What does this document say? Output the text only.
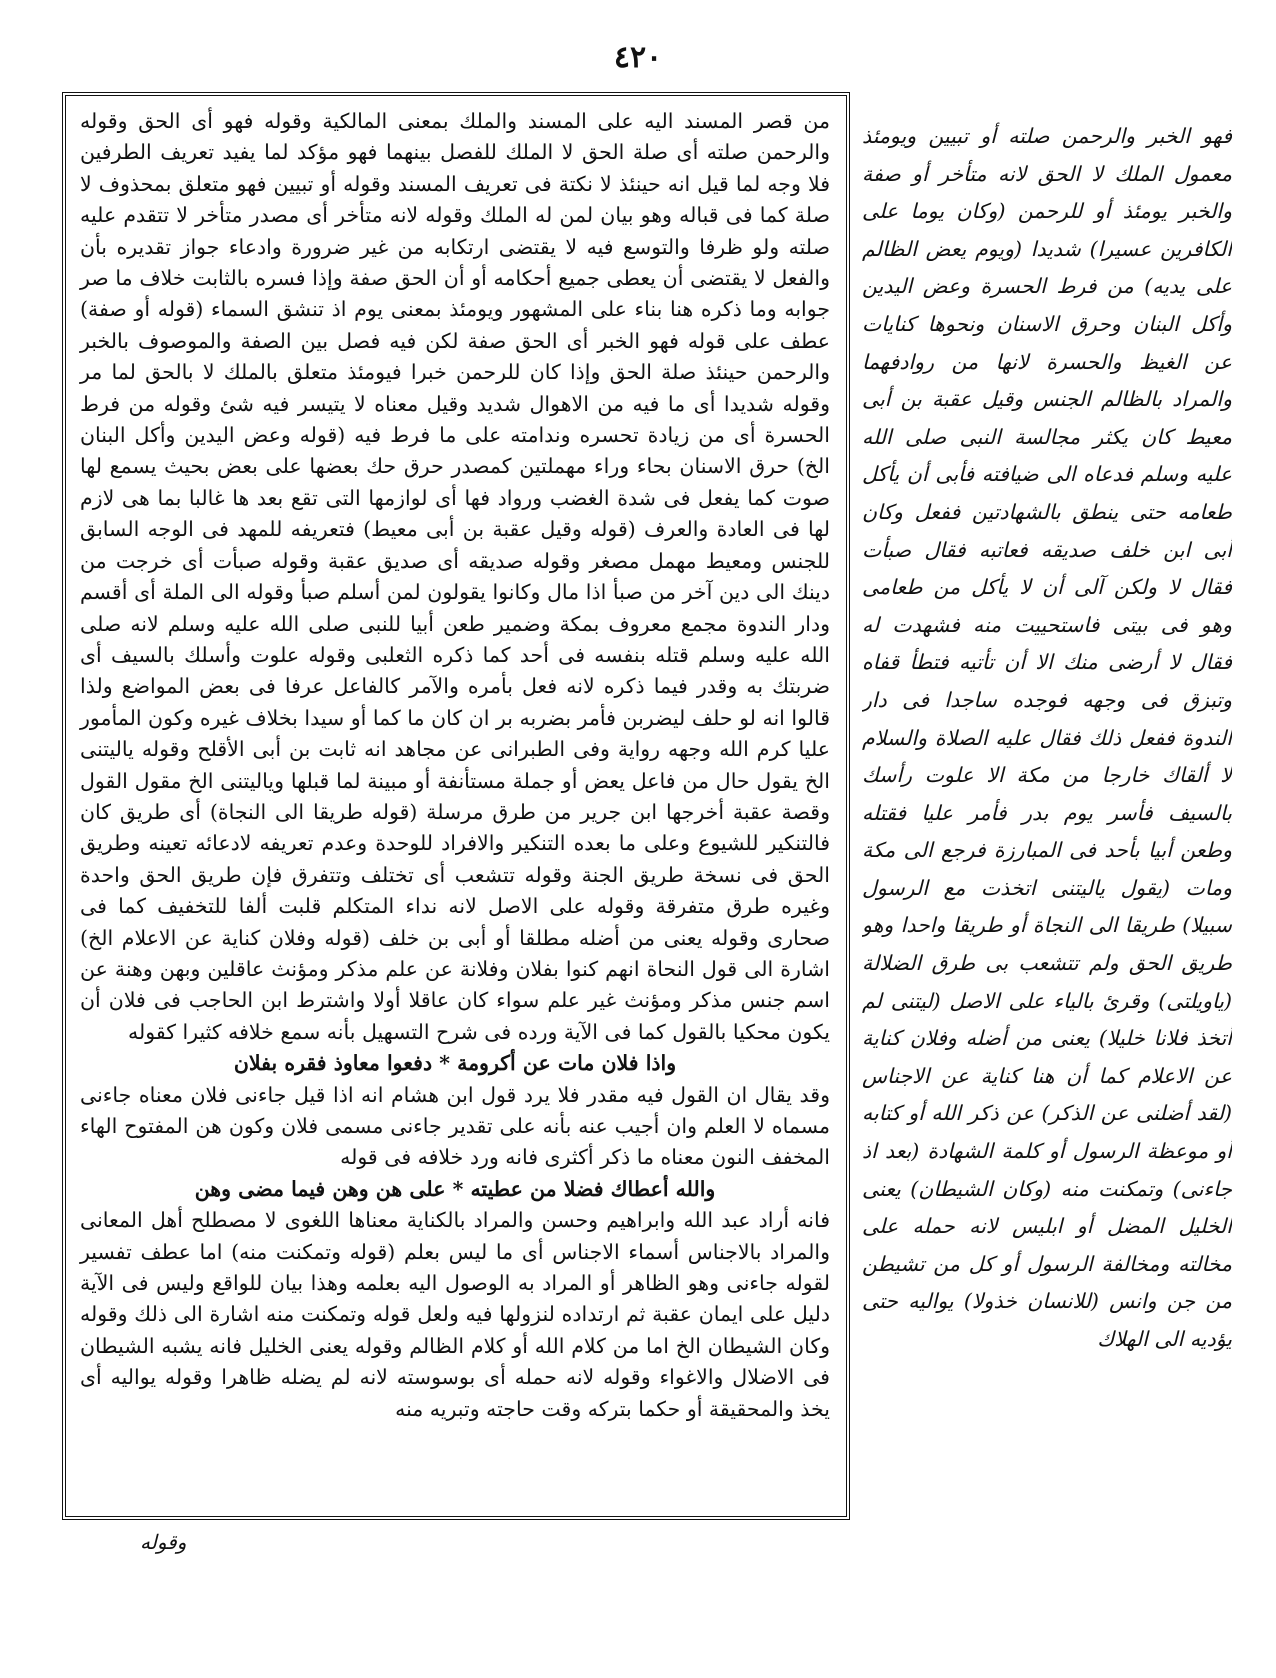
٤٢٠

من قصر المسند اليه على المسند والملك بمعنى المالكية وقوله فهو أى الحق وقوله والرحمن صلته أى صلة الحق لا الملك للفصل بينهما فهو مؤكد لما يفيد تعريف الطرفين فلا وجه لما قيل انه حينئذ لا نكتة فى تعريف المسند وقوله أو تبيين فهو متعلق بمحذوف لا صلة كما فى قباله وهو بيان لمن له الملك وقوله لانه متأخر أى مصدر متأخر لا تتقدم عليه صلته ولو ظرفا والتوسع فيه لا يقتضى ارتكابه من غير ضرورة وادعاء جواز تقديره بأن والفعل لا يقتضى أن يعطى جميع أحكامه أو أن الحق صفة وإذا فسره بالثابت خلاف ما صر جوابه وما ذكره هنا بناء على المشهور ويومئذ بمعنى يوم اذ تنشق السماء (قوله أو صفة) عطف على قوله فهو الخبر أى الحق صفة لكن فيه فصل بين الصفة والموصوف بالخبر والرحمن حينئذ صلة الحق وإذا كان للرحمن خبرا فيومئذ متعلق بالملك لا بالحق لما مر وقوله شديدا أى ما فيه من الاهوال شديد وقيل معناه لا يتيسر فيه شئ وقوله من فرط الحسرة أى من زيادة تحسره وندامته على ما فرط فيه (قوله وعض اليدين وأكل البنان الخ) حرق الاسنان بحاء وراء مهملتين كمصدر حرق حك بعضها على بعض بحيث يسمع لها صوت كما يفعل فى شدة الغضب ورواد فها أى لوازمها التى تقع بعد ها غالبا بما هى لازم لها فى العادة والعرف (قوله وقيل عقبة بن أبى معيط) فتعريفه للمهد فى الوجه السابق للجنس ومعيط مهمل مصغر وقوله صديقه أى صديق عقبة وقوله صبأت أى خرجت من دينك الى دين آخر من صبأ اذا مال وكانوا يقولون لمن أسلم صبأ وقوله الى الملة أى أقسم ودار الندوة مجمع معروف بمكة وضمير طعن أبيا للنبى صلى الله عليه وسلم لانه صلى الله عليه وسلم قتله بنفسه فى أحد كما ذكره الثعلبى وقوله علوت وأسلك بالسيف أى ضربتك به وقدر فيما ذكره لانه فعل بأمره والآمر كالفاعل عرفا فى بعض المواضع ولذا قالوا انه لو حلف ليضربن فأمر بضربه بر ان كان ما كما أو سيدا بخلاف غيره وكون المأمور عليا كرم الله وجهه رواية وفى الطبرانى عن مجاهد انه ثابت بن أبى الأقلح وقوله ياليتنى الخ يقول حال من فاعل يعض أو جملة مستأنفة أو مبينة لما قبلها وياليتنى الخ مقول القول وقصة عقبة أخرجها ابن جرير من طرق مرسلة (قوله طريقا الى النجاة) أى طريق كان فالتنكير للشيوع وعلى ما بعده التنكير والافراد للوحدة وعدم تعريفه لادعائه تعينه وطريق الحق فى نسخة طريق الجنة وقوله تتشعب أى تختلف وتتفرق فإن طريق الحق واحدة وغيره طرق متفرقة وقوله على الاصل لانه نداء المتكلم قلبت ألفا للتخفيف كما فى صحارى وقوله يعنى من أضله مطلقا أو أبى بن خلف (قوله وفلان كناية عن الاعلام الخ) اشارة الى قول النحاة انهم كنوا بفلان وفلانة عن علم مذكر ومؤنث عاقلين وبهن وهنة عن اسم جنس مذكر ومؤنث غير علم سواء كان عاقلا أولا واشترط ابن الحاجب فى فلان أن يكون محكيا بالقول كما فى الآية ورده فى شرح التسهيل بأنه سمع خلافه كثيرا كقوله

واذا فلان مات عن أكرومة * دفعوا معاوذ فقره بفلان

وقد يقال ان القول فيه مقدر فلا يرد قول ابن هشام انه اذا قيل جاءنى فلان معناه جاءنى مسماه لا العلم وان أجيب عنه بأنه على تقدير جاءنى مسمى فلان وكون هن المفتوح الهاء المخفف النون معناه ما ذكر أكثرى فانه ورد خلافه فى قوله

والله أعطاك فضلا من عطيته * على هن وهن فيما مضى وهن

فانه أراد عبد الله وابراهيم وحسن والمراد بالكناية معناها اللغوى لا مصطلح أهل المعانى والمراد بالاجناس أسماء الاجناس أى ما ليس بعلم (قوله وتمكنت منه) اما عطف تفسير لقوله جاءنى وهو الظاهر أو المراد به الوصول اليه بعلمه وهذا بيان للواقع وليس فى الآية دليل على ايمان عقبة ثم ارتداده لنزولها فيه ولعل قوله وتمكنت منه اشارة الى ذلك وقوله وكان الشيطان الخ اما من كلام الله أو كلام الظالم وقوله يعنى الخليل فانه يشبه الشيطان فى الاضلال والاغواء وقوله لانه حمله أى بوسوسته لانه لم يضله ظاهرا وقوله يواليه أى يخذ والمحقيقة أو حكما بتركه وقت حاجته وتبريه منه

فهو الخبر والرحمن صلته أو تبيين ويومئذ معمول الملك لا الحق لانه متأخر أو صفة والخبر يومئذ أو للرحمن (وكان يوما على الكافرين عسيرا) شديدا (ويوم يعض الظالم على يديه) من فرط الحسرة وعض اليدين وأكل البنان وحرق الاسنان ونحوها كنايات عن الغيظ والحسرة لانها من روادفهما والمراد بالظالم الجنس وقيل عقبة بن أبى معيط كان يكثر مجالسة النبى صلى الله عليه وسلم فدعاه الى ضيافته فأبى أن يأكل طعامه حتى ينطق بالشهادتين ففعل وكان أبى ابن خلف صديقه فعاتبه فقال صبأت فقال لا ولكن آلى أن لا يأكل من طعامى وهو فى بيتى فاستحييت منه فشهدت له فقال لا أرضى منك الا أن تأتيه فتطأ قفاه وتبزق فى وجهه فوجده ساجدا فى دار الندوة ففعل ذلك فقال عليه الصلاة والسلام لا ألقاك خارجا من مكة الا علوت رأسك بالسيف فأسر يوم بدر فأمر عليا فقتله وطعن أبيا بأحد فى المبارزة فرجع الى مكة ومات (يقول ياليتنى اتخذت مع الرسول سبيلا) طريقا الى النجاة أو طريقا واحدا وهو طريق الحق ولم تتشعب بى طرق الضلالة (ياويلتى) وقرئ بالياء على الاصل (ليتنى لم أتخذ فلانا خليلا) يعنى من أضله وفلان كناية عن الاعلام كما أن هنا كناية عن الاجناس (لقد أضلنى عن الذكر) عن ذكر الله أو كتابه أو موعظة الرسول أو كلمة الشهادة (بعد اذ جاءنى) وتمكنت منه (وكان الشيطان) يعنى الخليل المضل أو ابليس لانه حمله على مخالته ومخالفة الرسول أو كل من تشيطن من جن وانس (للانسان خذولا) يواليه حتى يؤديه الى الهلاك

وقوله
